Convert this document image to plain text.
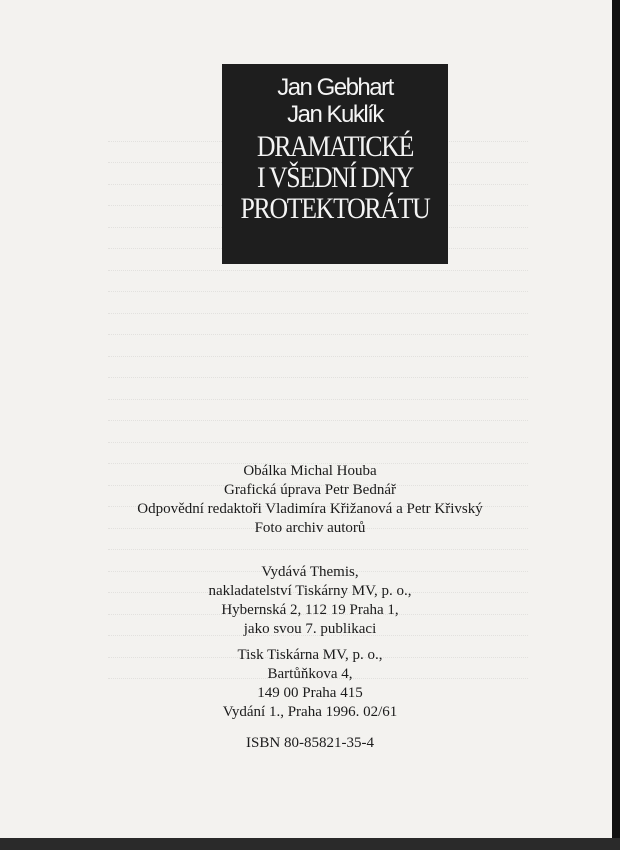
Jan Gebhart
Jan Kuklík
DRAMATICKÉ
I VŠEDNÍ DNY
PROTEKTORÁTU
Obálka Michal Houba
Grafická úprava Petr Bednář
Odpovědní redaktoři Vladimíra Křižanová a Petr Křivský
Foto archiv autorů
Vydává Themis,
nakladatelství Tiskárny MV, p. o.,
Hybernská 2, 112 19 Praha 1,
jako svou 7. publikaci
Tisk Tiskárna MV, p. o.,
Bartůňkova 4,
149 00 Praha 415
Vydání 1., Praha 1996. 02/61
ISBN 80-85821-35-4
